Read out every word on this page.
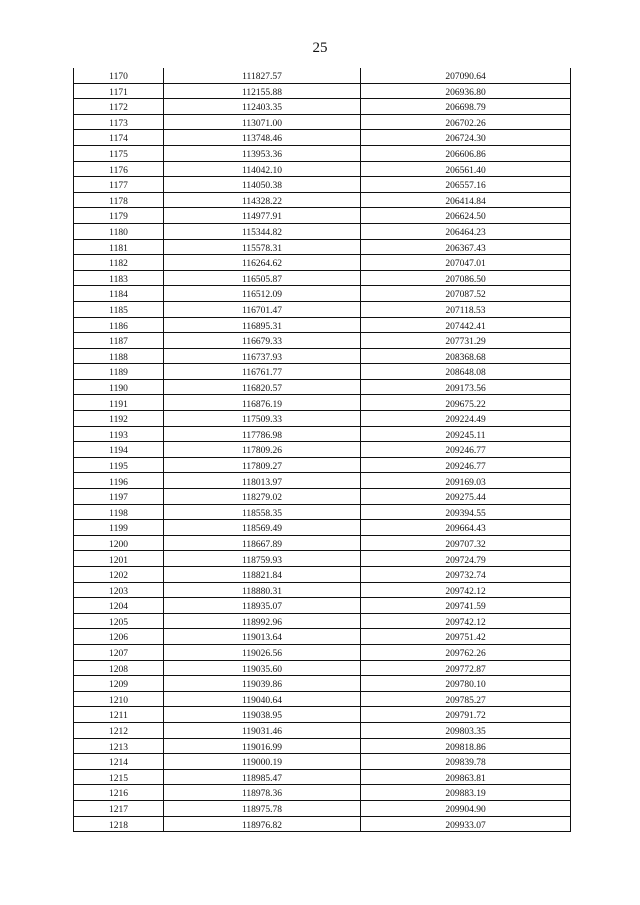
25
1170	111827.57	207090.64
1171	112155.88	206936.80
1172	112403.35	206698.79
1173	113071.00	206702.26
1174	113748.46	206724.30
1175	113953.36	206606.86
1176	114042.10	206561.40
1177	114050.38	206557.16
1178	114328.22	206414.84
1179	114977.91	206624.50
1180	115344.82	206464.23
1181	115578.31	206367.43
1182	116264.62	207047.01
1183	116505.87	207086.50
1184	116512.09	207087.52
1185	116701.47	207118.53
1186	116895.31	207442.41
1187	116679.33	207731.29
1188	116737.93	208368.68
1189	116761.77	208648.08
1190	116820.57	209173.56
1191	116876.19	209675.22
1192	117509.33	209224.49
1193	117786.98	209245.11
1194	117809.26	209246.77
1195	117809.27	209246.77
1196	118013.97	209169.03
1197	118279.02	209275.44
1198	118558.35	209394.55
1199	118569.49	209664.43
1200	118667.89	209707.32
1201	118759.93	209724.79
1202	118821.84	209732.74
1203	118880.31	209742.12
1204	118935.07	209741.59
1205	118992.96	209742.12
1206	119013.64	209751.42
1207	119026.56	209762.26
1208	119035.60	209772.87
1209	119039.86	209780.10
1210	119040.64	209785.27
1211	119038.95	209791.72
1212	119031.46	209803.35
1213	119016.99	209818.86
1214	119000.19	209839.78
1215	118985.47	209863.81
1216	118978.36	209883.19
1217	118975.78	209904.90
1218	118976.82	209933.07
